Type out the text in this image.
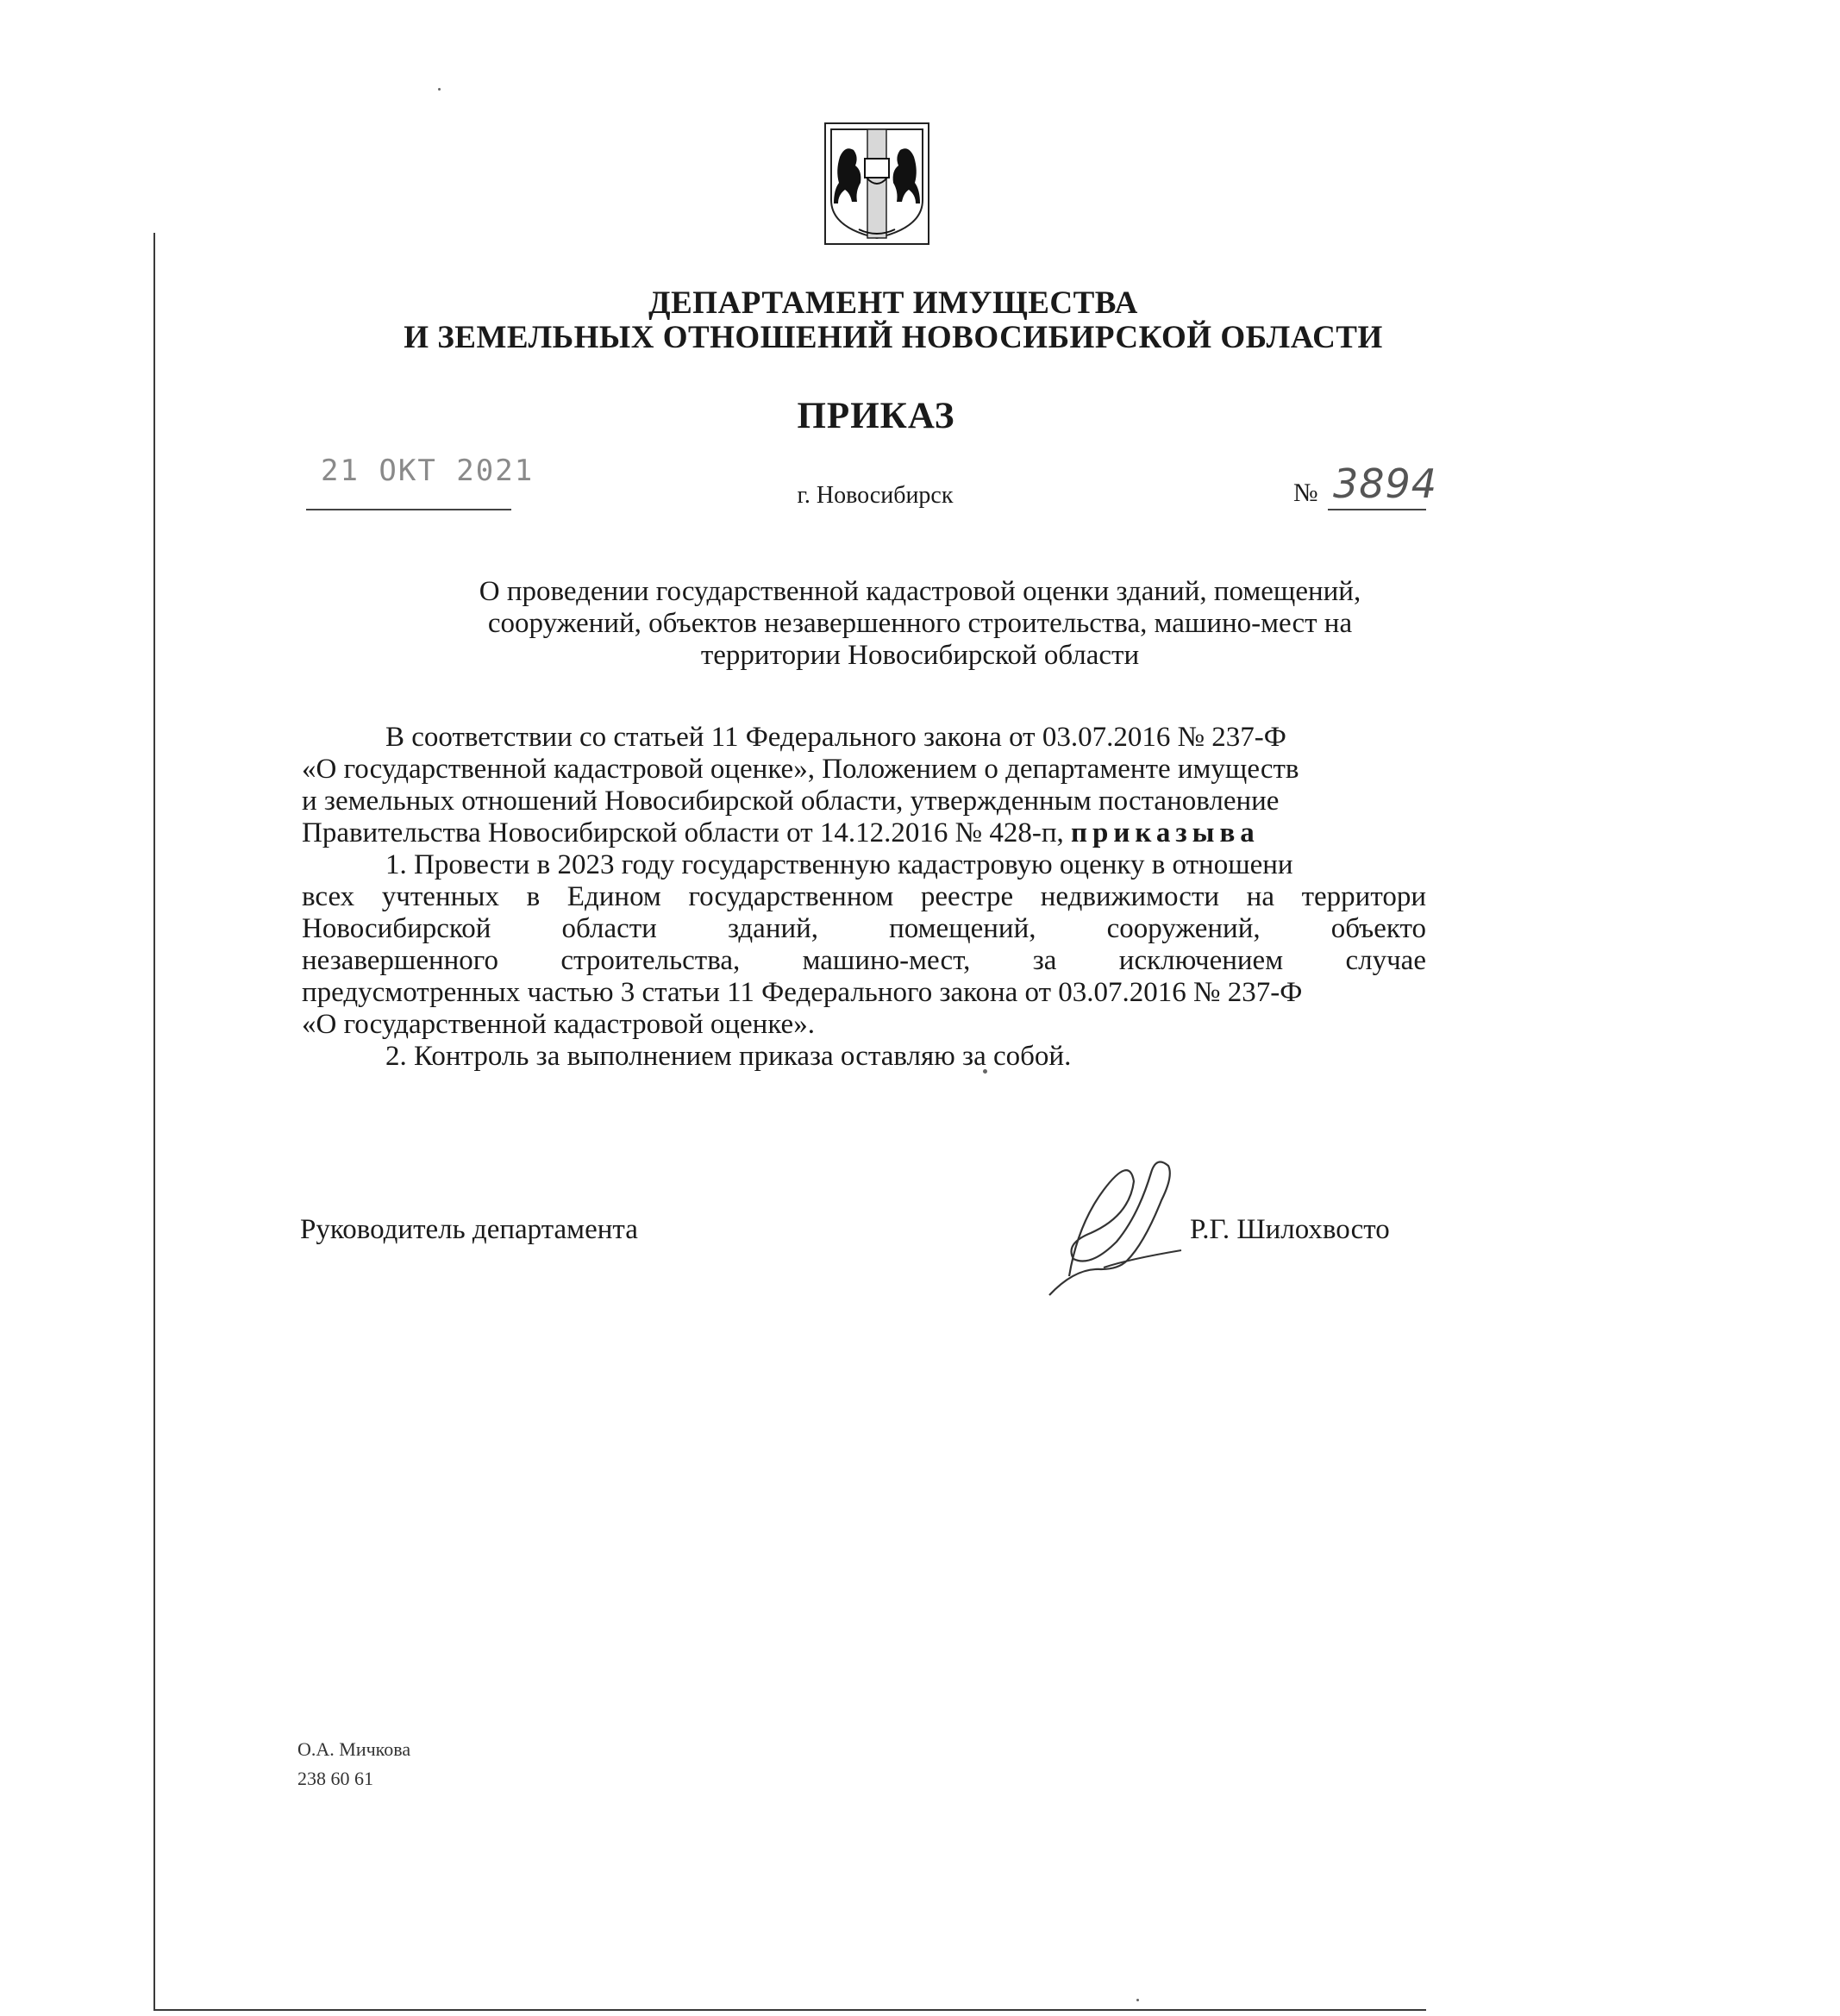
ДЕПАРТАМЕНТ ИМУЩЕСТВА
И ЗЕМЕЛЬНЫХ ОТНОШЕНИЙ НОВОСИБИРСКОЙ ОБЛАСТИ
ПРИКАЗ
21 ОКТ 2021
г. Новосибирск	№ 3894
О проведении государственной кадастровой оценки зданий, помещений,
сооружений, объектов незавершенного строительства, машино-мест на
территории Новосибирской области
В соответствии со статьей 11 Федерального закона от 03.07.2016 № 237-Ф
«О государственной кадастровой оценке», Положением о департаменте имуществ
и земельных отношений Новосибирской области, утвержденным постановление
Правительства Новосибирской области от 14.12.2016 № 428-п, приказыва
1. Провести в 2023 году государственную кадастровую оценку в отношени
всех учтенных в Едином государственном реестре недвижимости на территори
Новосибирской области зданий, помещений, сооружений, объекто
незавершенного строительства, машино-мест, за исключением случае
предусмотренных частью 3 статьи 11 Федерального закона от 03.07.2016 № 237-Ф
«О государственной кадастровой оценке».
2. Контроль за выполнением приказа оставляю за собой.
Руководитель департамента	Р.Г. Шилохвосто
О.А. Мичкова
238 60 61
